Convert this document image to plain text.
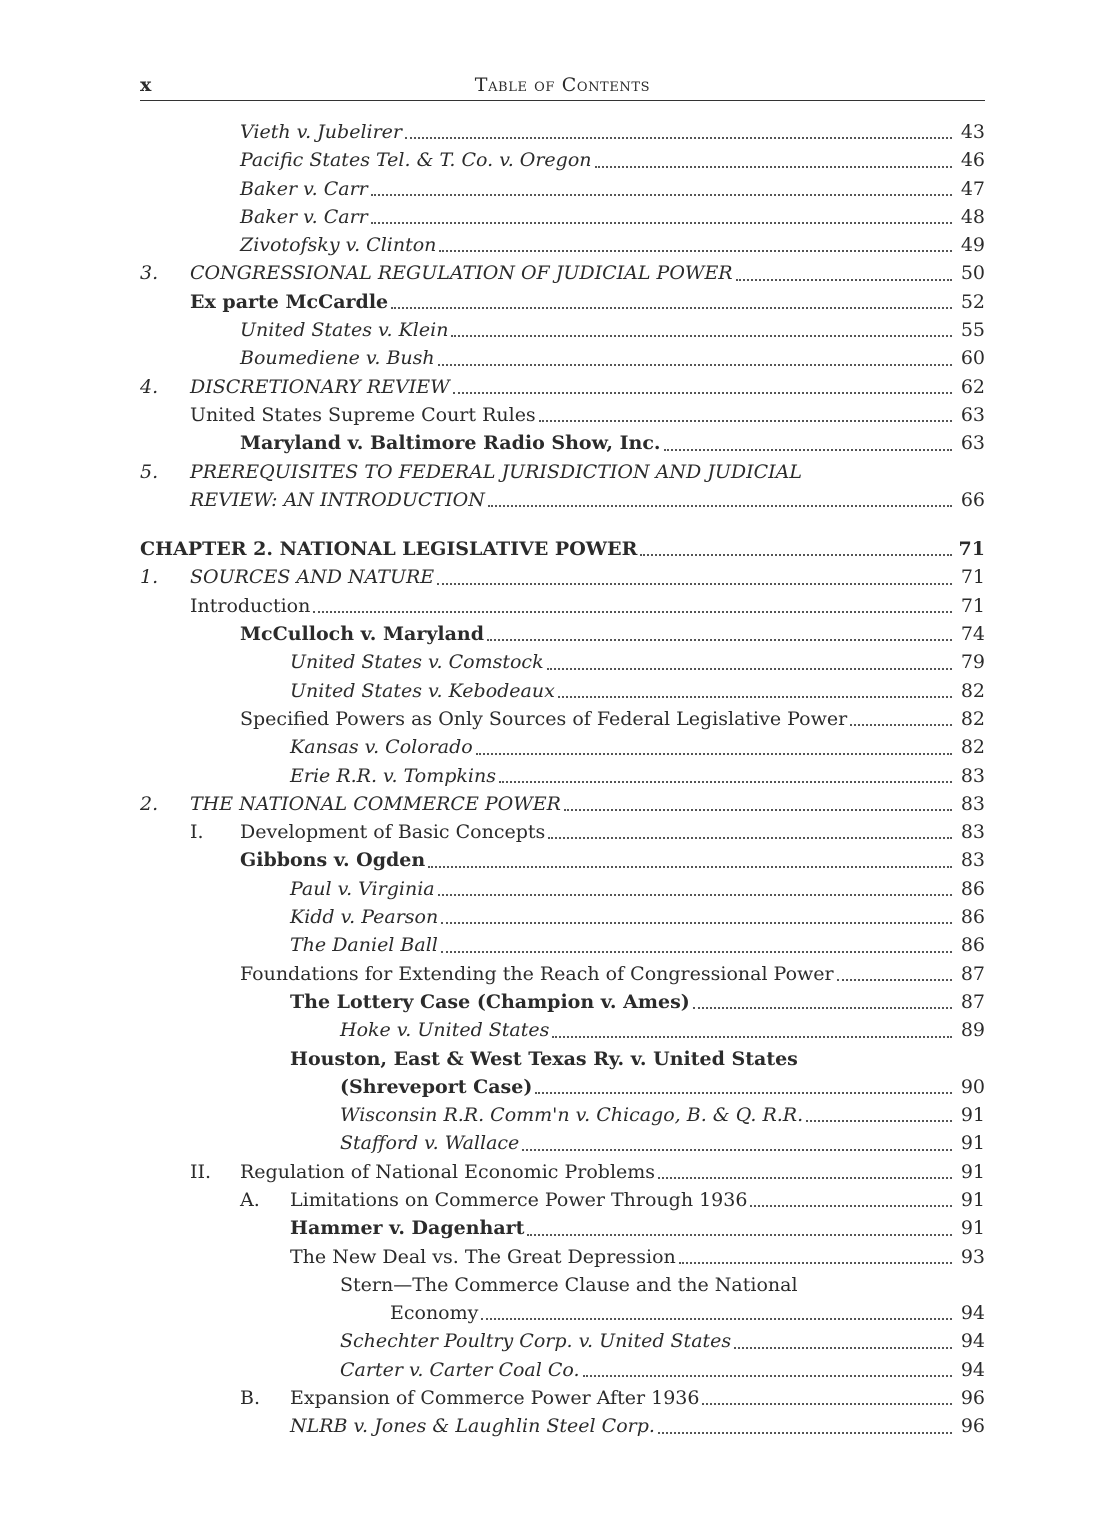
x	Table of Contents
Vieth v. Jubelirer	43
Pacific States Tel. & T. Co. v. Oregon	46
Baker v. Carr	47
Baker v. Carr	48
Zivotofsky v. Clinton	49
3. CONGRESSIONAL REGULATION OF JUDICIAL POWER	50
Ex parte McCardle	52
United States v. Klein	55
Boumediene v. Bush	60
4. DISCRETIONARY REVIEW	62
United States Supreme Court Rules	63
Maryland v. Baltimore Radio Show, Inc.	63
5. PREREQUISITES TO FEDERAL JURISDICTION AND JUDICIAL
REVIEW: AN INTRODUCTION	66
CHAPTER 2. NATIONAL LEGISLATIVE POWER	71
1. SOURCES AND NATURE	71
Introduction	71
McCulloch v. Maryland	74
United States v. Comstock	79
United States v. Kebodeaux	82
Specified Powers as Only Sources of Federal Legislative Power	82
Kansas v. Colorado	82
Erie R.R. v. Tompkins	83
2. THE NATIONAL COMMERCE POWER	83
I. Development of Basic Concepts	83
Gibbons v. Ogden	83
Paul v. Virginia	86
Kidd v. Pearson	86
The Daniel Ball	86
Foundations for Extending the Reach of Congressional Power	87
The Lottery Case (Champion v. Ames)	87
Hoke v. United States	89
Houston, East & West Texas Ry. v. United States
(Shreveport Case)	90
Wisconsin R.R. Comm'n v. Chicago, B. & Q. R.R.	91
Stafford v. Wallace	91
II. Regulation of National Economic Problems	91
A. Limitations on Commerce Power Through 1936	91
Hammer v. Dagenhart	91
The New Deal vs. The Great Depression	93
Stern—The Commerce Clause and the National
Economy	94
Schechter Poultry Corp. v. United States	94
Carter v. Carter Coal Co.	94
B. Expansion of Commerce Power After 1936	96
NLRB v. Jones & Laughlin Steel Corp.	96
